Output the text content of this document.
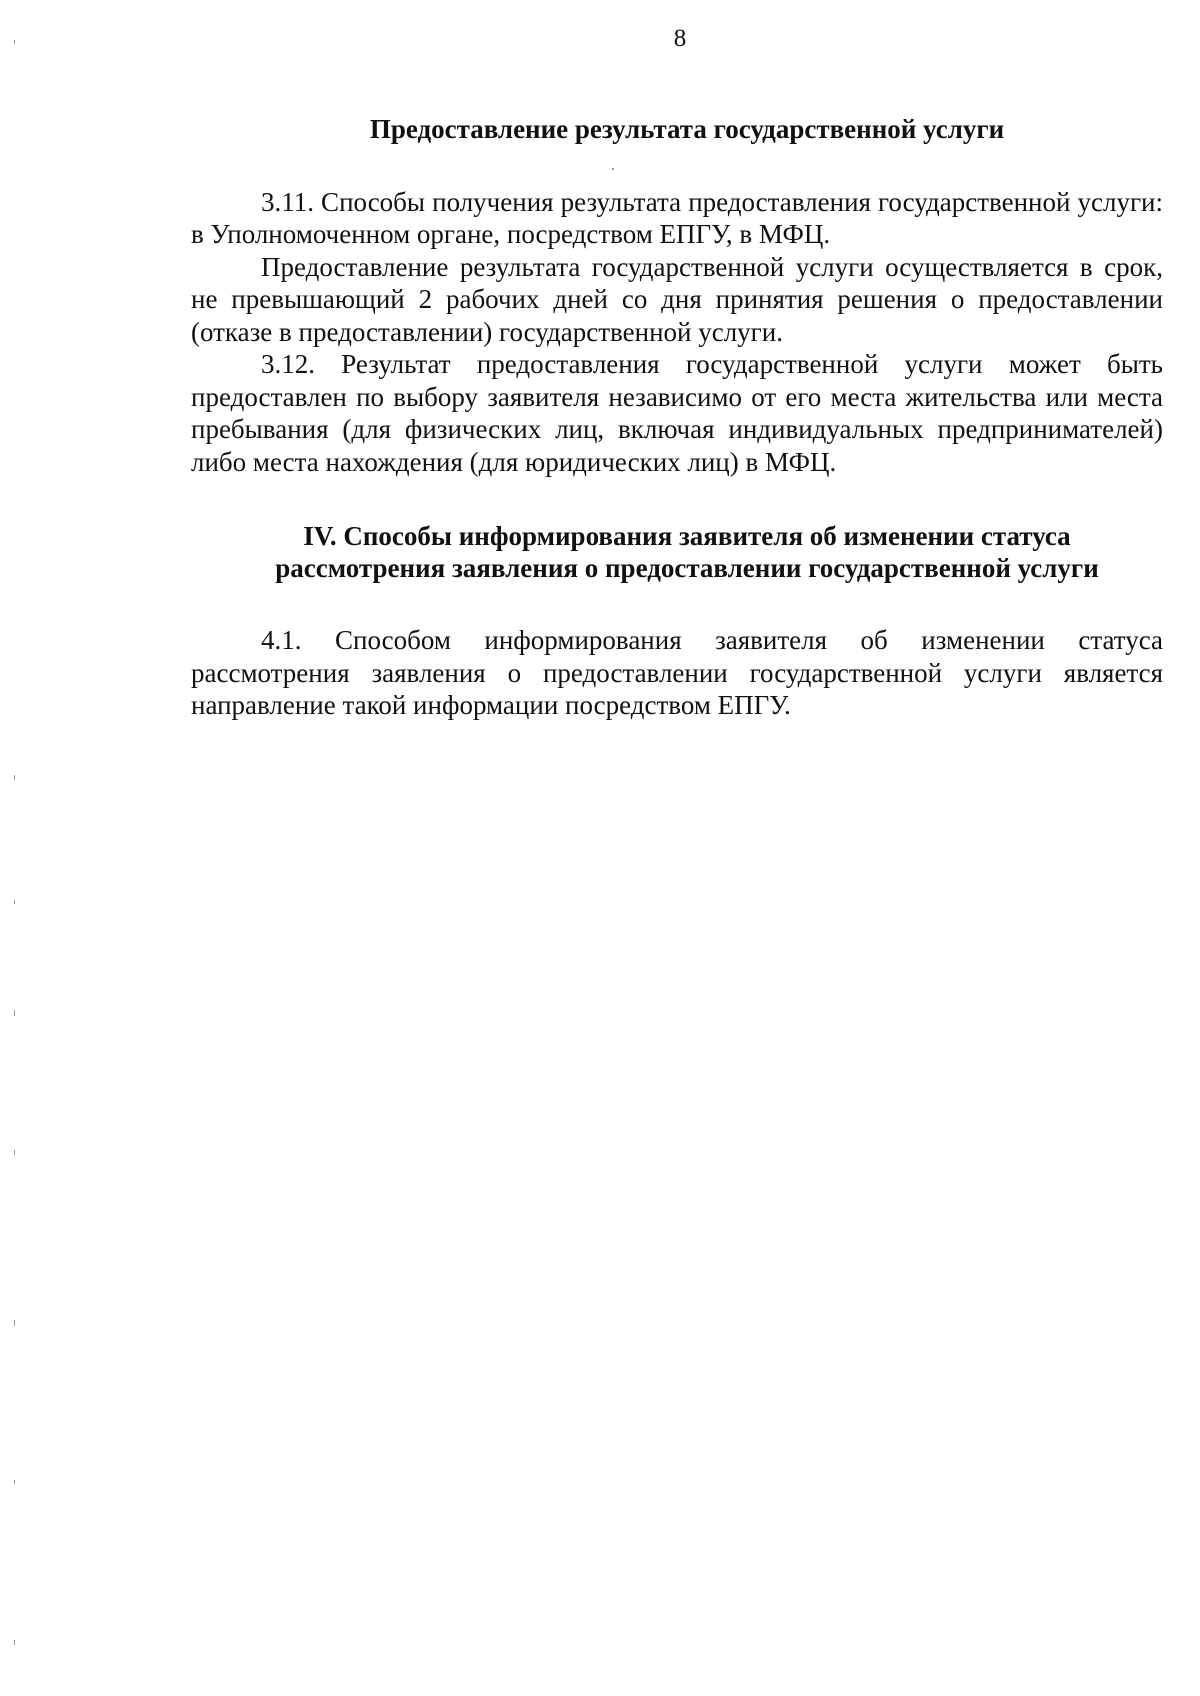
8
Предоставление результата государственной услуги

3.11. Способы получения результата предоставления государственной услуги: в Уполномоченном органе, посредством ЕПГУ, в МФЦ.

Предоставление результата государственной услуги осуществляется в срок, не превышающий 2 рабочих дней со дня принятия решения о предоставлении (отказе в предоставлении) государственной услуги.

3.12. Результат предоставления государственной услуги может быть предоставлен по выбору заявителя независимо от его места жительства или места пребывания (для физических лиц, включая индивидуальных предпринимателей) либо места нахождения (для юридических лиц) в МФЦ.

IV. Способы информирования заявителя об изменении статуса
рассмотрения заявления о предоставлении государственной услуги

4.1. Способом информирования заявителя об изменении статуса рассмотрения заявления о предоставлении государственной услуги является направление такой информации посредством ЕПГУ.
